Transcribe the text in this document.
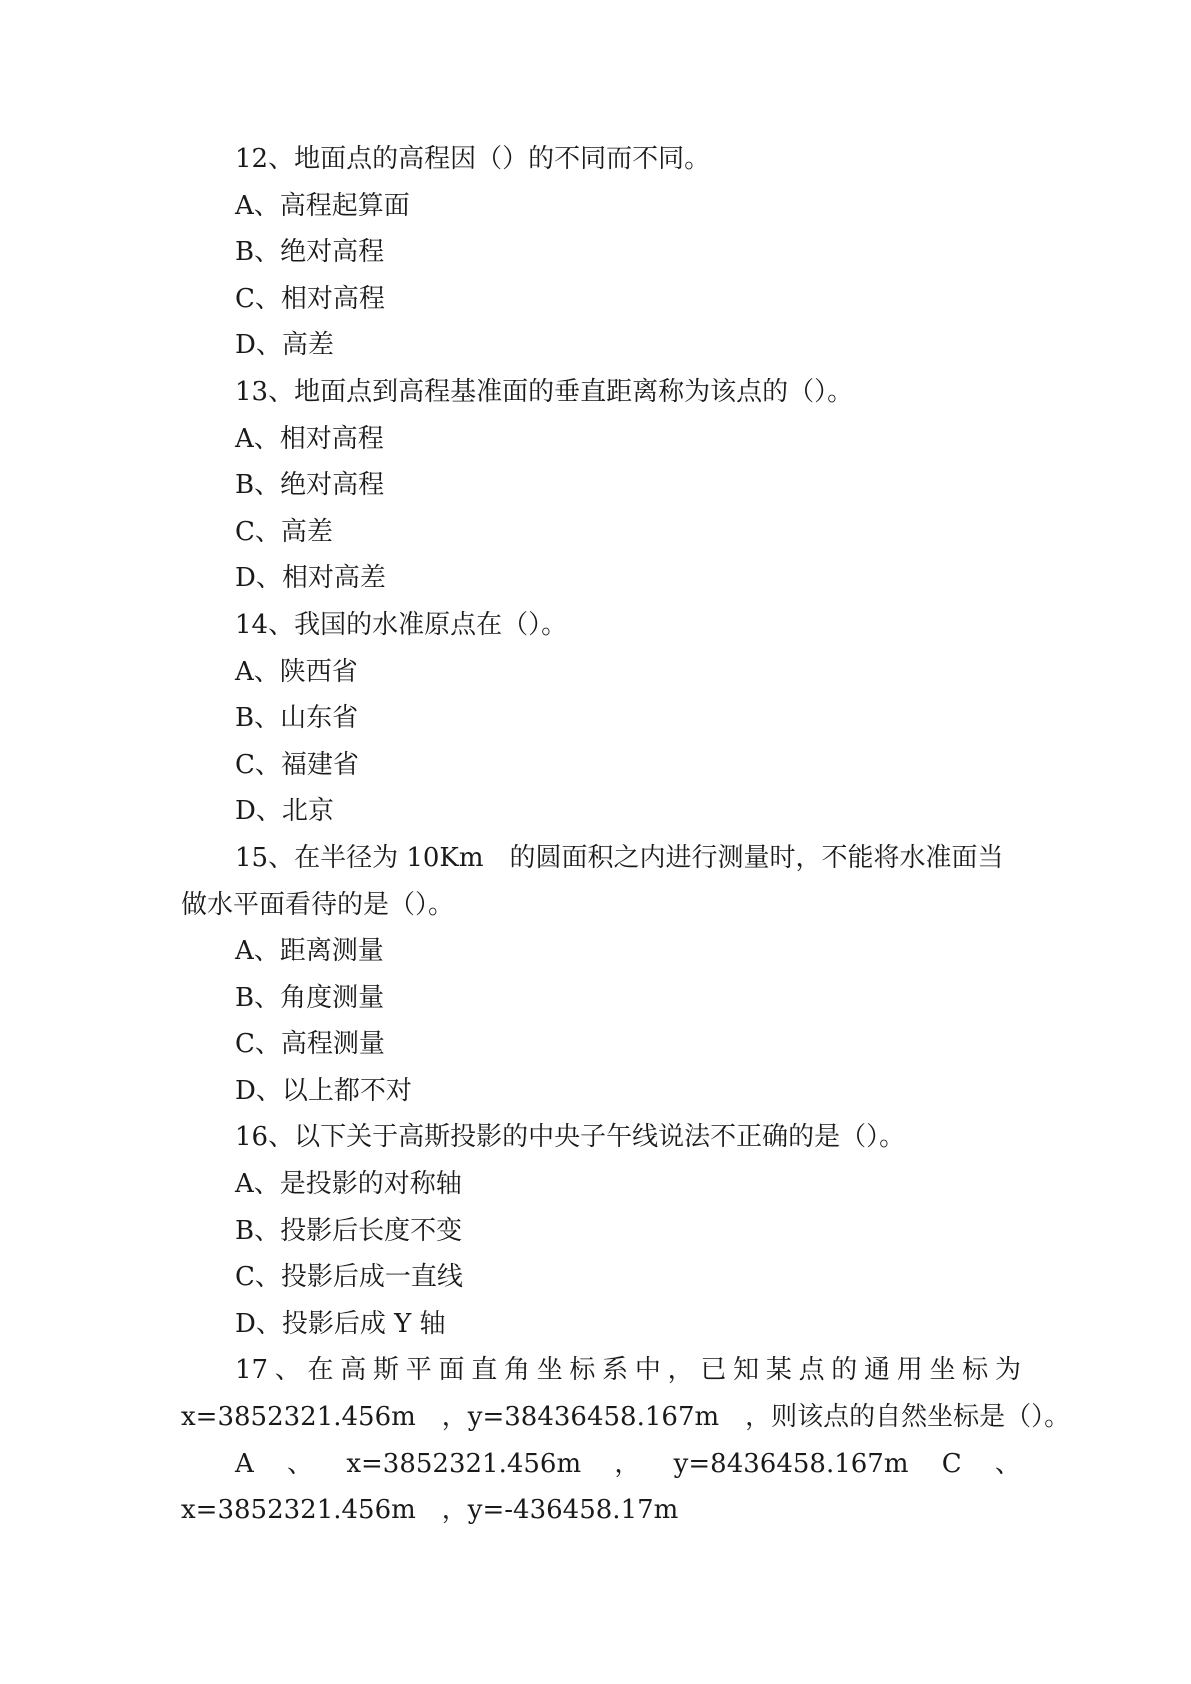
12、地面点的高程因（）的不同而不同。

A、高程起算面

B、绝对高程

C、相对高程

D、高差

13、地面点到高程基准面的垂直距离称为该点的（）。

A、相对高程

B、绝对高程

C、高差

D、相对高差

14、我国的水准原点在（）。

A、陕西省

B、山东省

C、福建省

D、北京

15、在半径为 10Km　的圆面积之内进行测量时，不能将水准面当

做水平面看待的是（）。

A、距离测量

B、角度测量

C、高程测量

D、以上都不对

16、以下关于高斯投影的中央子午线说法不正确的是（）。

A、是投影的对称轴

B、投影后长度不变

C、投影后成一直线

D、投影后成 Y 轴

17 、 在 高 斯 平 面 直 角 坐 标 系 中 ， 已 知 某 点 的 通 用 坐 标 为

x=3852321.456m　，y=38436458.167m　，则该点的自然坐标是（）。

A 、 x=3852321.456m ， y=8436458.167m C 、

x=3852321.456m　，y=-436458.17m
